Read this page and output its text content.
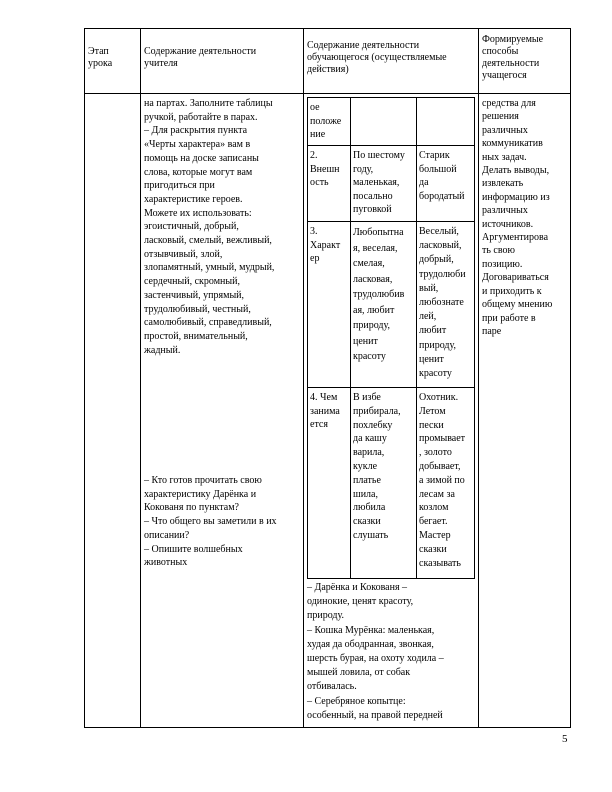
Этап
урока
Содержание деятельности
учителя
Содержание деятельности
обучающегося (осуществляемые
действия)
Формируемые
способы
деятельности
учащегося
на партах. Заполните таблицы
ручкой, работайте в парах.
– Для раскрытия пункта
«Черты характера» вам в
помощь на доске записаны
слова, которые могут вам
пригодиться при
характеристике героев.
Можете их использовать:
эгоистичный, добрый,
ласковый, смелый, вежливый,
отзывчивый, злой,
злопамятный, умный, мудрый,
сердечный, скромный,
застенчивый, упрямый,
трудолюбивый, честный,
самолюбивый, справедливый,
простой, внимательный,
жадный.
– Кто готов прочитать свою
характеристику Дарёнка и
Кокованя по пунктам?
– Что общего вы заметили в их
описании?
– Опишите волшебных
животных
ое
положе
ние
2.
Внешн
ость
По шестому
году,
маленькая,
посально
пуговкой
Старик
большой
да
бородатый
3.
Характ
ер
Любопытна
я, веселая,
смелая,
ласковая,
трудолюбив
ая, любит
природу,
ценит
красоту
Веселый,
ласковый,
добрый,
трудолюби
вый,
любознате
лей,
любит
природу,
ценит
красоту
4. Чем
занима
ется
В избе
прибирала,
похлебку
да кашу
варила,
кукле
платье
шила,
любила
сказки
слушать
Охотник.
Летом
пески
промывает
, золото
добывает,
а зимой по
лесам за
козлом
бегает.
Мастер
сказки
сказывать
– Дарёнка и Кокованя –
одинокие, ценят красоту,
природу.
– Кошка Мурёнка: маленькая,
худая да ободранная, звонкая,
шерсть бурая, на охоту ходила –
мышей ловила, от собак
отбивалась.
– Серебряное копытце:
особенный, на правой передней
средства для
решения
различных
коммуникатив
ных задач.
Делать выводы,
извлекать
информацию из
различных
источников.
Аргументирова
ть свою
позицию.
Договариваться
и приходить к
общему мнению
при работе в
паре
5
